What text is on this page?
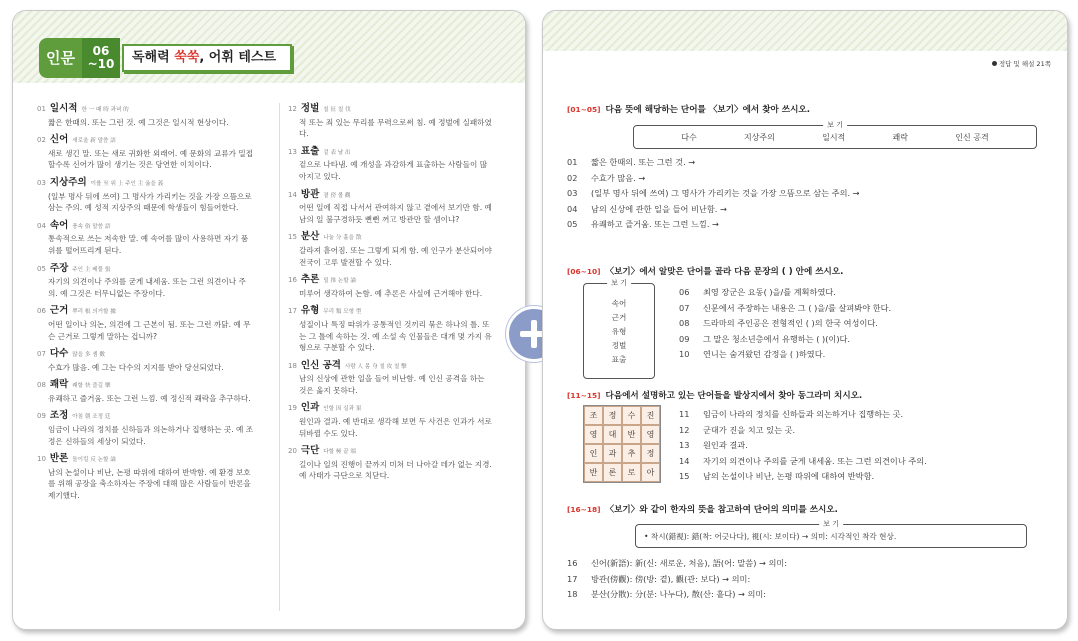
인문	06
~10	독해력 쑥쑥, 어휘 테스트
01 일시적 한 一 때 時 과녁 的
짧은 한때의. 또는 그런 것. 예 그것은 일시적 현상이다.
02 신어 새로울 新 말씀 語
새로 생긴 말. 또는 새로 귀화한 외래어. 예 문화의 교류가 밀접할수록 신어가 많이 생기는 것은 당연한 이치이다.
03 지상주의 이를 至 위 上 주인 主 옳을 義
(일부 명사 뒤에 쓰여) 그 명사가 가리키는 것을 가장 으뜸으로 삼는 주의. 예 성적 지상주의 때문에 학생들이 힘들어한다.
04 속어 풍속 俗 말씀 語
통속적으로 쓰는 저속한 말. 예 속어를 많이 사용하면 자기 품위를 떨어뜨리게 된다.
05 주장 주인 主 베풀 張
자기의 의견이나 주의를 굳게 내세움. 또는 그런 의견이나 주의. 예 그것은 터무니없는 주장이다.
06 근거 뿌리 根 의거할 據
어떤 일이나 의논, 의견에 그 근본이 됨. 또는 그런 까닭. 예 무슨 근거로 그렇게 말하는 겁니까?
07 다수 많을 多 셈 數
수효가 많음. 예 그는 다수의 지지를 받아 당선되었다.
08 쾌락 쾌할 快 즐길 樂
유쾌하고 즐거움. 또는 그런 느낌. 예 정신적 쾌락을 추구하다.
09 조정 아침 朝 조정 廷
임금이 나라의 정치를 신하들과 의논하거나 집행하는 곳. 예 조정은 신하들의 세상이 되었다.
10 반론 돌이킬 反 논할 論
남의 논설이나 비난, 논평 따위에 대하여 반박함. 예 환경 보호를 위해 공장을 축소하자는 주장에 대해 많은 사람들이 반론을 제기했다.
12 정벌 칠 征 칠 伐
적 또는 죄 있는 무리를 무력으로써 침. 예 정벌에 실패하였다.
13 표출 겉 表 날 出
겉으로 나타냄. 예 개성을 과감하게 표출하는 사람들이 많아지고 있다.
14 방관 곁 傍 볼 觀
어떤 일에 직접 나서서 관여하지 않고 곁에서 보기만 함. 예 남의 일 불구경하듯 뻔뻔 꺼고 방관만 할 셈이냐?
15 분산 나눌 分 흩을 散
갈라져 흩어짐. 또는 그렇게 되게 함. 예 인구가 분산되어야 전국이 고루 발전할 수 있다.
16 추론 밀 推 논할 論
미루어 생각하여 논함. 예 추론은 사실에 근거해야 한다.
17 유형 무리 類 모형 型
성질이나 특징 따위가 공통적인 것끼리 묶은 하나의 틀. 또는 그 틀에 속하는 것. 예 소설 속 인물들은 대개 몇 가지 유형으로 구분할 수 있다.
18 인신 공격 사람 人 몸 身 칠 攻 칠 擊
남의 신상에 관한 일을 들어 비난함. 예 인신 공격을 하는 것은 옳지 못하다.
19 인과 인할 因 실과 果
원인과 결과. 예 반대로 생각해 보면 두 사건은 인과가 서로 뒤바뀔 수도 있다.
20 극단 다할 極 끝 端
길이나 일의 진행이 끝까지 미쳐 더 나아갈 데가 없는 지경. 예 사태가 극단으로 치닫다.
정답 및 해설 21쪽
[01~05] 다음 뜻에 해당하는 단어를 〈보기〉에서 찾아 쓰시오.
보 기
다수	지상주의	일시적	쾌락	인신 공격
01	짧은 한때의. 또는 그런 것. →
02	수효가 많음. →
03	(일부 명사 뒤에 쓰여) 그 명사가 가리키는 것을 가장 으뜸으로 삼는 주의. →
04	남의 신상에 관한 일을 들어 비난함. →
05	유쾌하고 즐거움. 또는 그런 느낌. →
[06~10] 〈보기〉에서 알맞은 단어를 골라 다음 문장의 ( ) 안에 쓰시오.
보 기
속어
근거
유형
정벌
표출
06	최영 장군은 요동( )을/를 계획하였다.
07	신문에서 주장하는 내용은 그 ( )을/를 살펴봐야 한다.
08	드라마의 주인공은 전형적인 ( )의 한국 여성이다.
09	그 말은 청소년층에서 유행하는 ( )(이)다.
10	연니는 숨겨왔던 감정을 ( )하였다.
[11~15] 다음에서 설명하고 있는 단어들을 발상지에서 찾아 동그라미 치시오.
조	정	수	진
영	대	반	영
인	과	추	정
반	론	로	아
11	임금이 나라의 정치를 신하들과 의논하거나 집행하는 곳.
12	군대가 진을 치고 있는 곳.
13	원인과 결과.
14	자기의 의견이나 주의를 굳게 내세움. 또는 그런 의견이나 주의.
15	남의 논설이나 비난, 논평 따위에 대하여 반박함.
[16~18] 〈보기〉와 같이 한자의 뜻을 참고하여 단어의 의미를 쓰시오.
보 기
• 착시(錯視): 錯(착: 어긋나다), 視(시: 보이다) → 의미: 시각적인 착각 현상.
16	신어(新語): 新(신: 새로운, 처음), 語(어: 말씀) → 의미:
17	방관(傍觀): 傍(방: 곁), 觀(관: 보다) → 의미:
18	분산(分散): 分(분: 나누다), 散(산: 흩다) → 의미:
